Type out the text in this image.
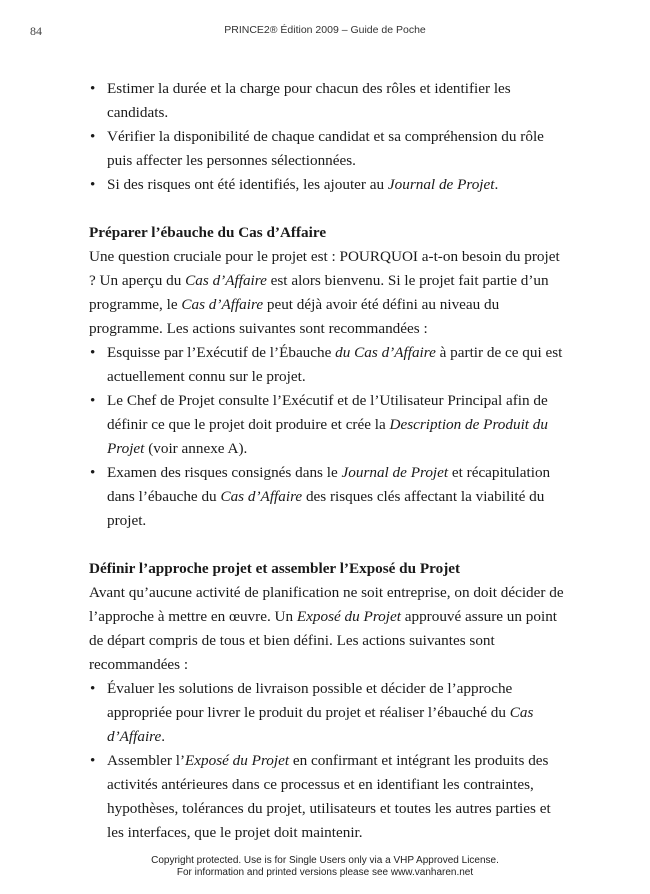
84	PRINCE2® Édition 2009 – Guide de Poche
• Estimer la durée et la charge pour chacun des rôles et identifier les candidats.
• Vérifier la disponibilité de chaque candidat et sa compréhension du rôle puis affecter les personnes sélectionnées.
• Si des risques ont été identifiés, les ajouter au Journal de Projet.
Préparer l’ébauche du Cas d’Affaire

Une question cruciale pour le projet est : POURQUOI a-t-on besoin du projet ? Un aperçu du Cas d’Affaire est alors bienvenu. Si le projet fait partie d’un programme, le Cas d’Affaire peut déjà avoir été défini au niveau du programme. Les actions suivantes sont recommandées :

• Esquisse par l’Exécutif de l’Ébauche du Cas d’Affaire à partir de ce qui est actuellement connu sur le projet.
• Le Chef de Projet consulte l’Exécutif et de l’Utilisateur Principal afin de définir ce que le projet doit produire et crée la Description de Produit du Projet (voir annexe A).
• Examen des risques consignés dans le Journal de Projet et récapitulation dans l’ébauche du Cas d’Affaire des risques clés affectant la viabilité du projet.
Définir l’approche projet et assembler l’Exposé du Projet

Avant qu’aucune activité de planification ne soit entreprise, on doit décider de l’approche à mettre en œuvre. Un Exposé du Projet approuvé assure un point de départ compris de tous et bien défini. Les actions suivantes sont recommandées :

• Évaluer les solutions de livraison possible et décider de l’approche appropriée pour livrer le produit du projet et réaliser l’ébauché du Cas d’Affaire.
• Assembler l’Exposé du Projet en confirmant et intégrant les produits des activités antérieures dans ce processus et en identifiant les contraintes, hypothèses, tolérances du projet, utilisateurs et toutes les autres parties et les interfaces, que le projet doit maintenir.
Copyright protected. Use is for Single Users only via a VHP Approved License.
For information and printed versions please see www.vanharen.net
